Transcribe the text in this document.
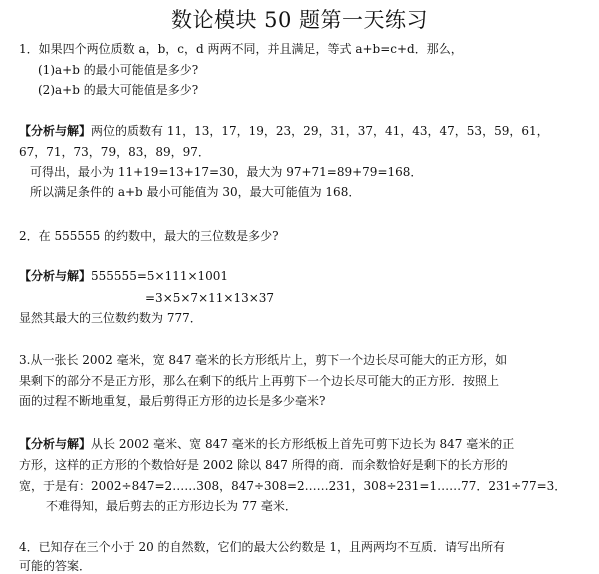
数论模块 50 题第一天练习
1．如果四个两位质数 a，b，c，d 两两不同，并且满足，等式 a+b=c+d．那么，
(1)a+b 的最小可能值是多少?
(2)a+b 的最大可能值是多少?
【分析与解】两位的质数有 11，13，17，19，23，29，31，37，41，43，47，53，59，61，
67，71，73，79，83，89，97．
可得出，最小为 11+19=13+17=30，最大为 97+71=89+79=168．
所以满足条件的 a+b 最小可能值为 30，最大可能值为 168．
2．在 555555 的约数中，最大的三位数是多少?
【分析与解】555555=5×111×1001
=3×5×7×11×13×37
显然其最大的三位数约数为 777．
3.从一张长 2002 毫米，宽 847 毫米的长方形纸片上，剪下一个边长尽可能大的正方形，如
果剩下的部分不是正方形，那么在剩下的纸片上再剪下一个边长尽可能大的正方形．按照上
面的过程不断地重复，最后剪得正方形的边长是多少毫米?
【分析与解】从长 2002 毫米、宽 847 毫米的长方形纸板上首先可剪下边长为 847 毫米的正
方形，这样的正方形的个数恰好是 2002 除以 847 所得的商．而余数恰好是剩下的长方形的
宽，于是有：2002÷847=2……308，847÷308=2……231，308÷231=1……77．231÷77=3．
不难得知，最后剪去的正方形边长为 77 毫米．
4．已知存在三个小于 20 的自然数，它们的最大公约数是 1，且两两均不互质．请写出所有
可能的答案．
